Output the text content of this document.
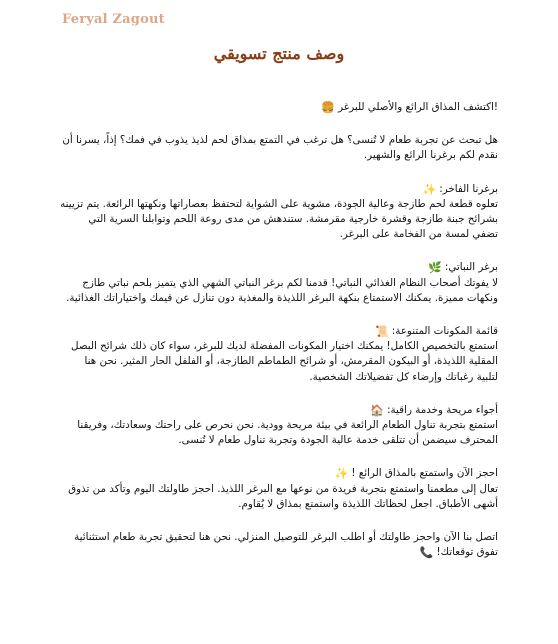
Feryal Zagout
وصف منتج تسويقي

!اكتشف المذاق الرائع والأصلي للبرغر🍔

هل تبحث عن تجربة طعام لا تُنسى؟ هل ترغب في التمتع بمذاق لحم لذيذ يذوب في فمك؟ إذاً، يسرنا أن نقدم لكم برغرنا الرائع والشهير.

برغرنا الفاخر:✨
تعلوه قطعة لحم طازجة وعالية الجودة، مشوية على الشواية لتحتفظ بعصاراتها ونكهتها الرائعة. يتم تزيينه بشرائح جبنة طازجة وقشرة خارجية مقرمشة. ستندهش من مدى روعة اللحم وتوابلنا السرية التي تضفي لمسة من الفخامة على البرغر.

برغر النباتي:🌿
لا يفوتك أصحاب النظام الغذائي النباتي! قدمنا لكم برغر النباتي الشهي الذي يتميز بلحم نباتي طازج ونكهات مميزة. يمكنك الاستمتاع بنكهة البرغر اللذيذة والمغذية دون تنازل عن قيمك واختياراتك الغذائية.

قائمة المكونات المتنوعة:📜
استمتع بالتخصيص الكامل! يمكنك اختيار المكونات المفضلة لديك للبرغر، سواء كان ذلك شرائح البصل المقلية اللذيذة، أو البيكون المقرمش، أو شرائح الطماطم الطازجة، أو الفلفل الحار المثير. نحن هنا لتلبية رغباتك وإرضاء كل تفضيلاتك الشخصية.

أجواء مريحة وخدمة راقية:🏠
استمتع بتجربة تناول الطعام الرائعة في بيئة مريحة وودية. نحن نحرص على راحتك وسعادتك، وفريقنا المحترف سيضمن أن تتلقى خدمة عالية الجودة وتجربة تناول طعام لا تُنسى.

احجز الآن واستمتع بالمذاق الرائع !✨
تعال إلى مطعمنا واستمتع بتجربة فريدة من نوعها مع البرغر اللذيذ. احجز طاولتك اليوم وتأكد من تذوق أشهى الأطباق. اجعل لحظاتك اللذيذة واستمتع بمذاق لا يُقاوم.

اتصل بنا الآن واحجز طاولتك أو اطلب البرغر للتوصيل المنزلي. نحن هنا لتحقيق تجربة طعام استثنائية تفوق توقعاتك!📞
